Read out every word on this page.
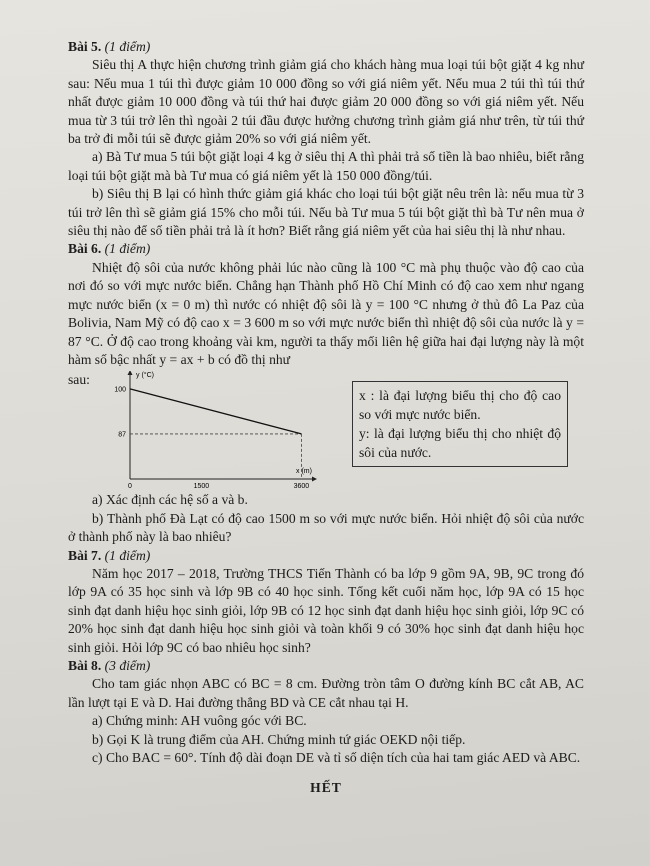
Bài 5. (1 điểm)

Siêu thị A thực hiện chương trình giảm giá cho khách hàng mua loại túi bột giặt 4 kg như sau: Nếu mua 1 túi thì được giảm 10 000 đồng so với giá niêm yết. Nếu mua 2 túi thì túi thứ nhất được giảm 10 000 đồng và túi thứ hai được giảm 20 000 đồng so với giá niêm yết. Nếu mua từ 3 túi trở lên thì ngoài 2 túi đầu được hưởng chương trình giảm giá như trên, từ túi thứ ba trở đi mỗi túi sẽ được giảm 20% so với giá niêm yết.

a) Bà Tư mua 5 túi bột giặt loại 4 kg ở siêu thị A thì phải trả số tiền là bao nhiêu, biết rằng loại túi bột giặt mà bà Tư mua có giá niêm yết là 150 000 đồng/túi.

b) Siêu thị B lại có hình thức giảm giá khác cho loại túi bột giặt nêu trên là: nếu mua từ 3 túi trở lên thì sẽ giảm giá 15% cho mỗi túi. Nếu bà Tư mua 5 túi bột giặt thì bà Tư nên mua ở siêu thị nào để số tiền phải trả là ít hơn? Biết rằng giá niêm yết của hai siêu thị là như nhau.

Bài 6. (1 điểm)

Nhiệt độ sôi của nước không phải lúc nào cũng là 100 °C mà phụ thuộc vào độ cao của nơi đó so với mực nước biển. Chẳng hạn Thành phố Hồ Chí Minh có độ cao xem như ngang mực nước biển (x = 0 m) thì nước có nhiệt độ sôi là y = 100 °C nhưng ở thủ đô La Paz của Bolivia, Nam Mỹ có độ cao x = 3 600 m so với mực nước biển thì nhiệt độ sôi của nước là y = 87 °C. Ở độ cao trong khoảng vài km, người ta thấy mối liên hệ giữa hai đại lượng này là một hàm số bậc nhất y = ax + b có đồ thị như

sau:	y (°C)
x (m)
100
87
0	1500	3600

x : là đại lượng biểu thị cho độ cao so với mực nước biển.

y: là đại lượng biểu thị cho nhiệt độ sôi của nước.

a) Xác định các hệ số a và b.

b) Thành phố Đà Lạt có độ cao 1500 m so với mực nước biển. Hỏi nhiệt độ sôi của nước ở thành phố này là bao nhiêu?

Bài 7. (1 điểm)

Năm học 2017 – 2018, Trường THCS Tiến Thành có ba lớp 9 gồm 9A, 9B, 9C trong đó lớp 9A có 35 học sinh và lớp 9B có 40 học sinh. Tổng kết cuối năm học, lớp 9A có 15 học sinh đạt danh hiệu học sinh giỏi, lớp 9B có 12 học sinh đạt danh hiệu học sinh giỏi, lớp 9C có 20% học sinh đạt danh hiệu học sinh giỏi và toàn khối 9 có 30% học sinh đạt danh hiệu học sinh giỏi. Hỏi lớp 9C có bao nhiêu học sinh?

Bài 8. (3 điểm)

Cho tam giác nhọn ABC có BC = 8 cm. Đường tròn tâm O đường kính BC cắt AB, AC lần lượt tại E và D. Hai đường thẳng BD và CE cắt nhau tại H.

a) Chứng minh: AH vuông góc với BC.

b) Gọi K là trung điểm của AH. Chứng minh tứ giác OEKD nội tiếp.

c) Cho BAC = 60°. Tính độ dài đoạn DE và tỉ số diện tích của hai tam giác AED và ABC.

HẾT
